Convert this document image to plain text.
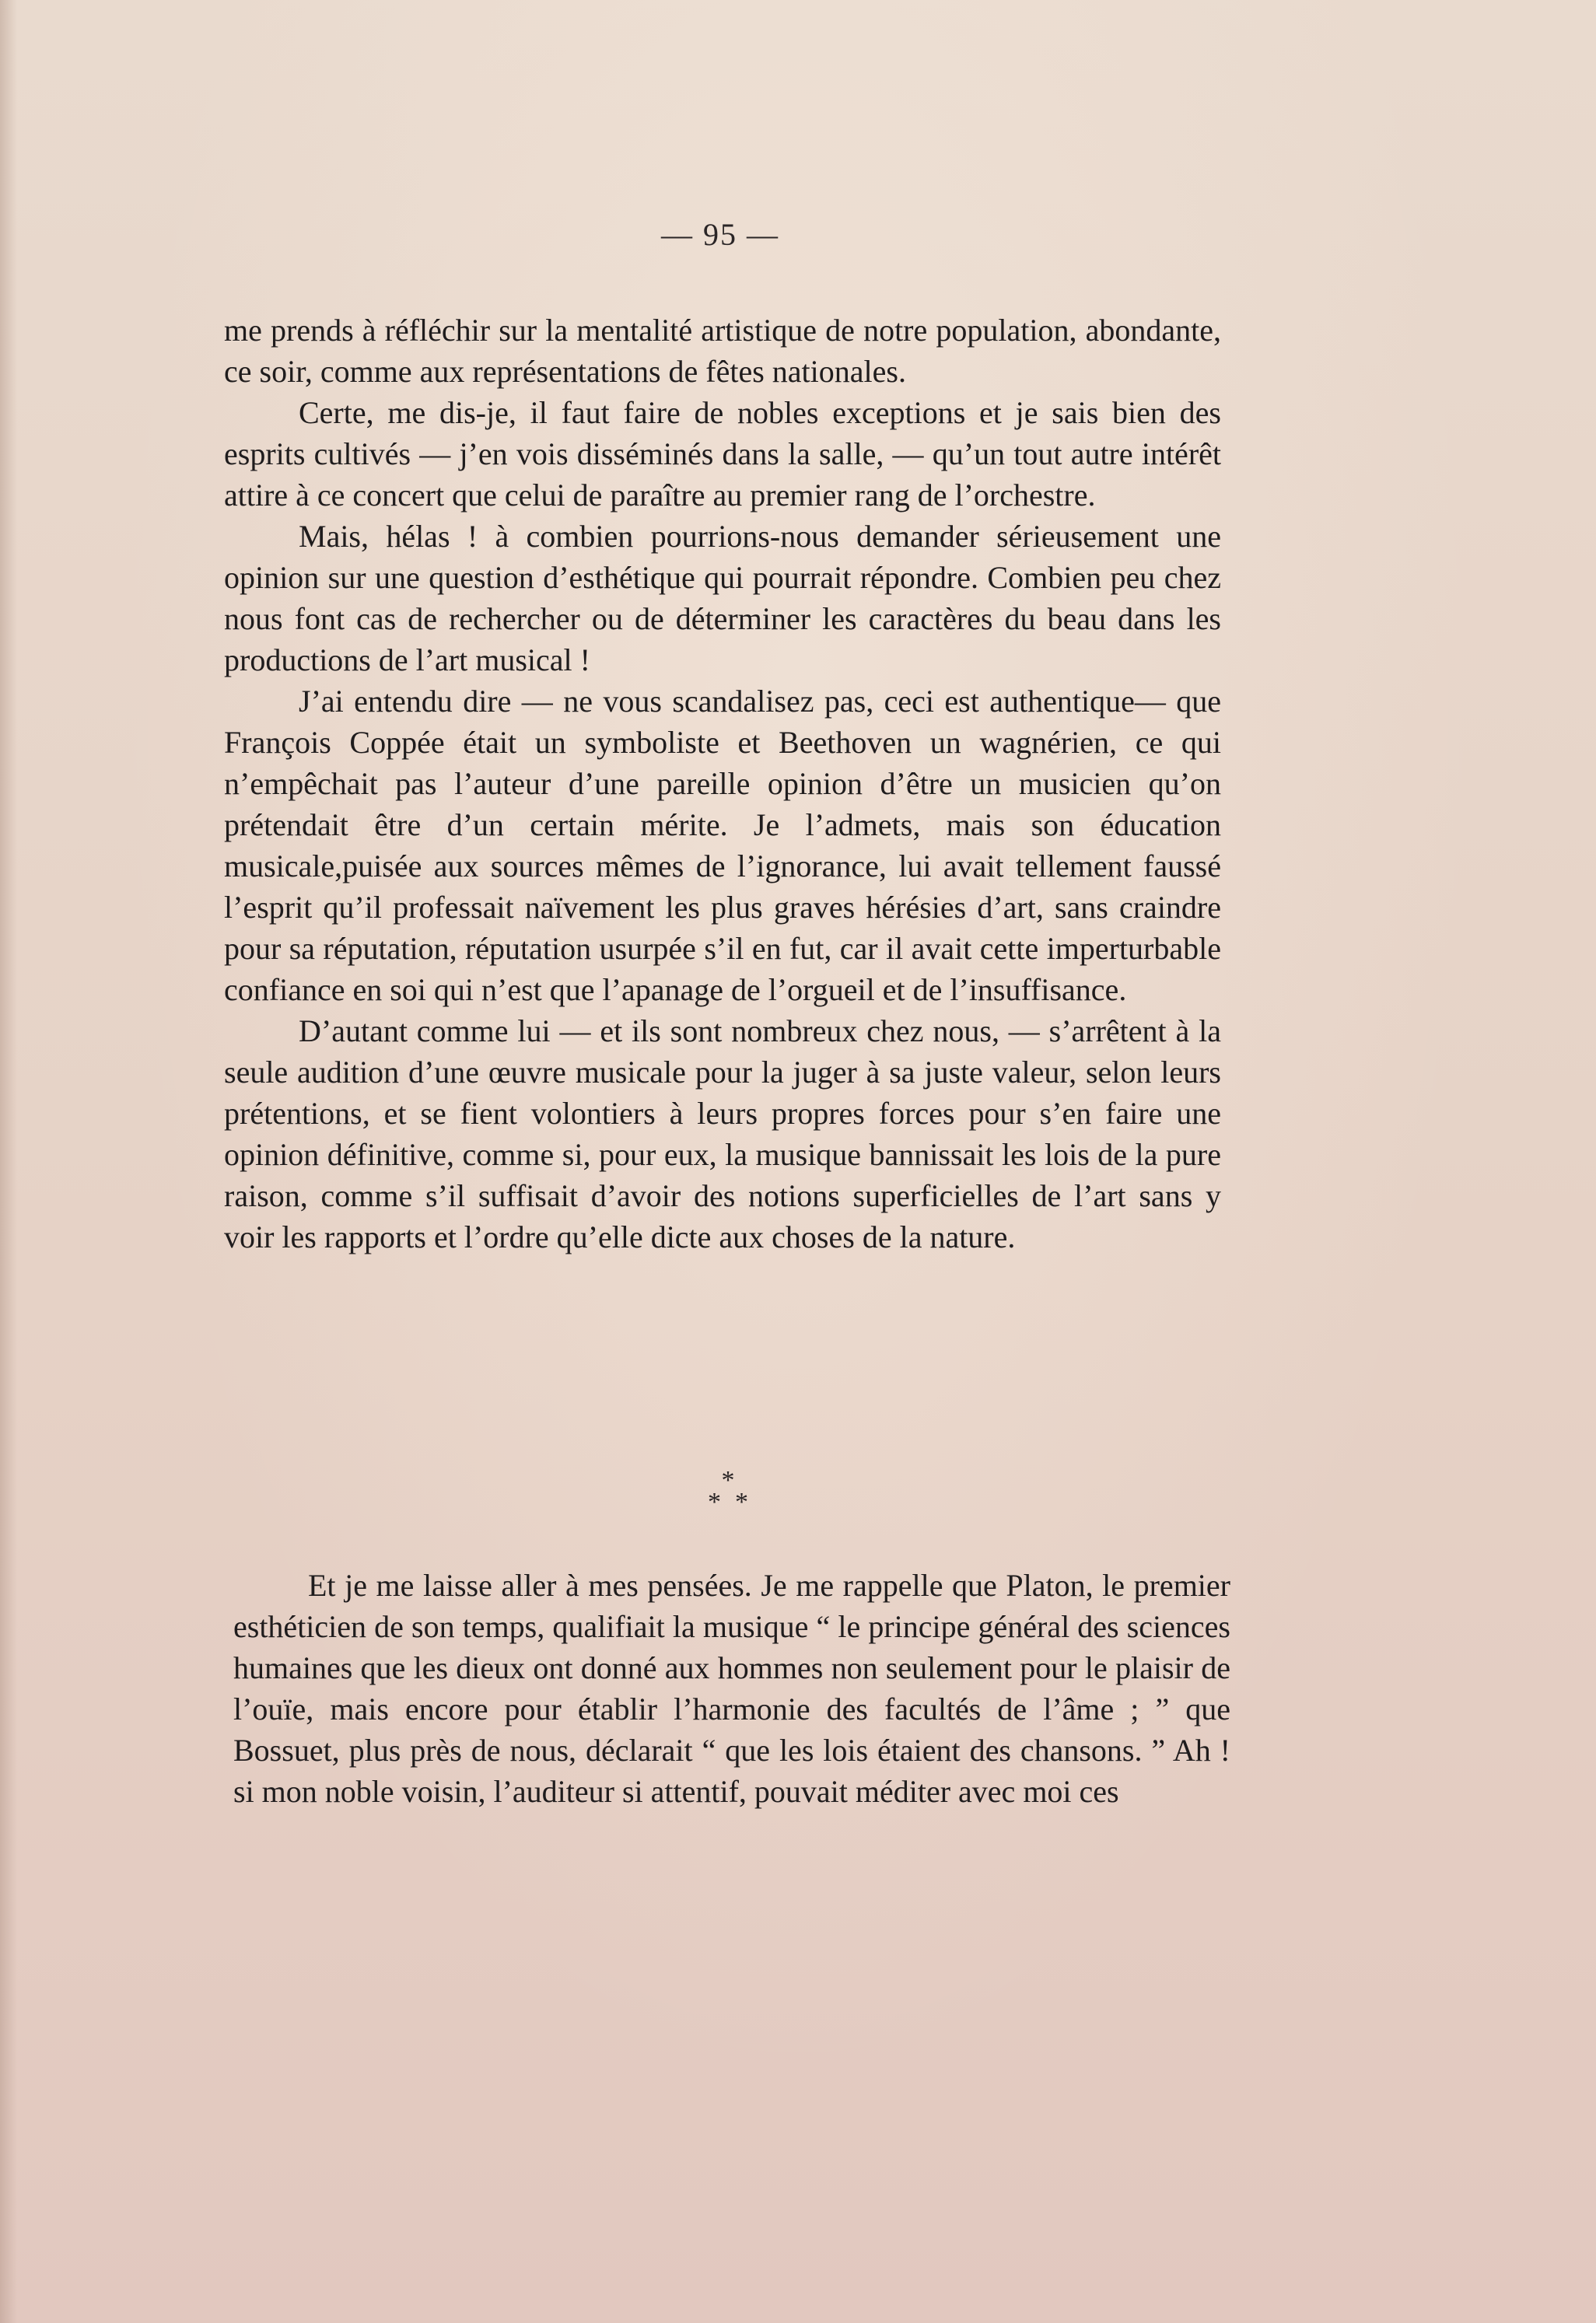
— 95 —

me prends à réfléchir sur la mentalité artistique de notre population, abondante, ce soir, comme aux représentations de fêtes nationales.

Certe, me dis-je, il faut faire de nobles exceptions et je sais bien des esprits cultivés — j’en vois disséminés dans la salle, — qu’un tout autre intérêt attire à ce concert que celui de paraître au premier rang de l’orchestre.

Mais, hélas ! à combien pourrions-nous demander sérieusement une opinion sur une question d’esthétique qui pourrait répondre. Combien peu chez nous font cas de rechercher ou de déterminer les caractères du beau dans les productions de l’art musical !

J’ai entendu dire — ne vous scandalisez pas, ceci est authentique— que François Coppée était un symboliste et Beethoven un wagnérien, ce qui n’empêchait pas l’auteur d’une pareille opinion d’être un musicien qu’on prétendait être d’un certain mérite. Je l’admets, mais son éducation musicale,puisée aux sources mêmes de l’ignorance, lui avait tellement faussé l’esprit qu’il professait naïvement les plus graves hérésies d’art, sans craindre pour sa réputation, réputation usurpée s’il en fut, car il avait cette imperturbable confiance en soi qui n’est que l’apanage de l’orgueil et de l’insuffisance.

D’autant comme lui — et ils sont nombreux chez nous, — s’arrêtent à la seule audition d’une œuvre musicale pour la juger à sa juste valeur, selon leurs prétentions, et se fient volontiers à leurs propres forces pour s’en faire une opinion définitive, comme si, pour eux, la musique bannissait les lois de la pure raison, comme s’il suffisait d’avoir des notions superficielles de l’art sans y voir les rapports et l’ordre qu’elle dicte aux choses de la nature.

*
**

Et je me laisse aller à mes pensées. Je me rappelle que Platon, le premier esthéticien de son temps, qualifiait la musique “ le principe général des sciences humaines que les dieux ont donné aux hommes non seulement pour le plaisir de l’ouïe, mais encore pour établir l’harmonie des facultés de l’âme ; ” que Bossuet, plus près de nous, déclarait “ que les lois étaient des chansons. ” Ah ! si mon noble voisin, l’auditeur si attentif, pouvait méditer avec moi ces
